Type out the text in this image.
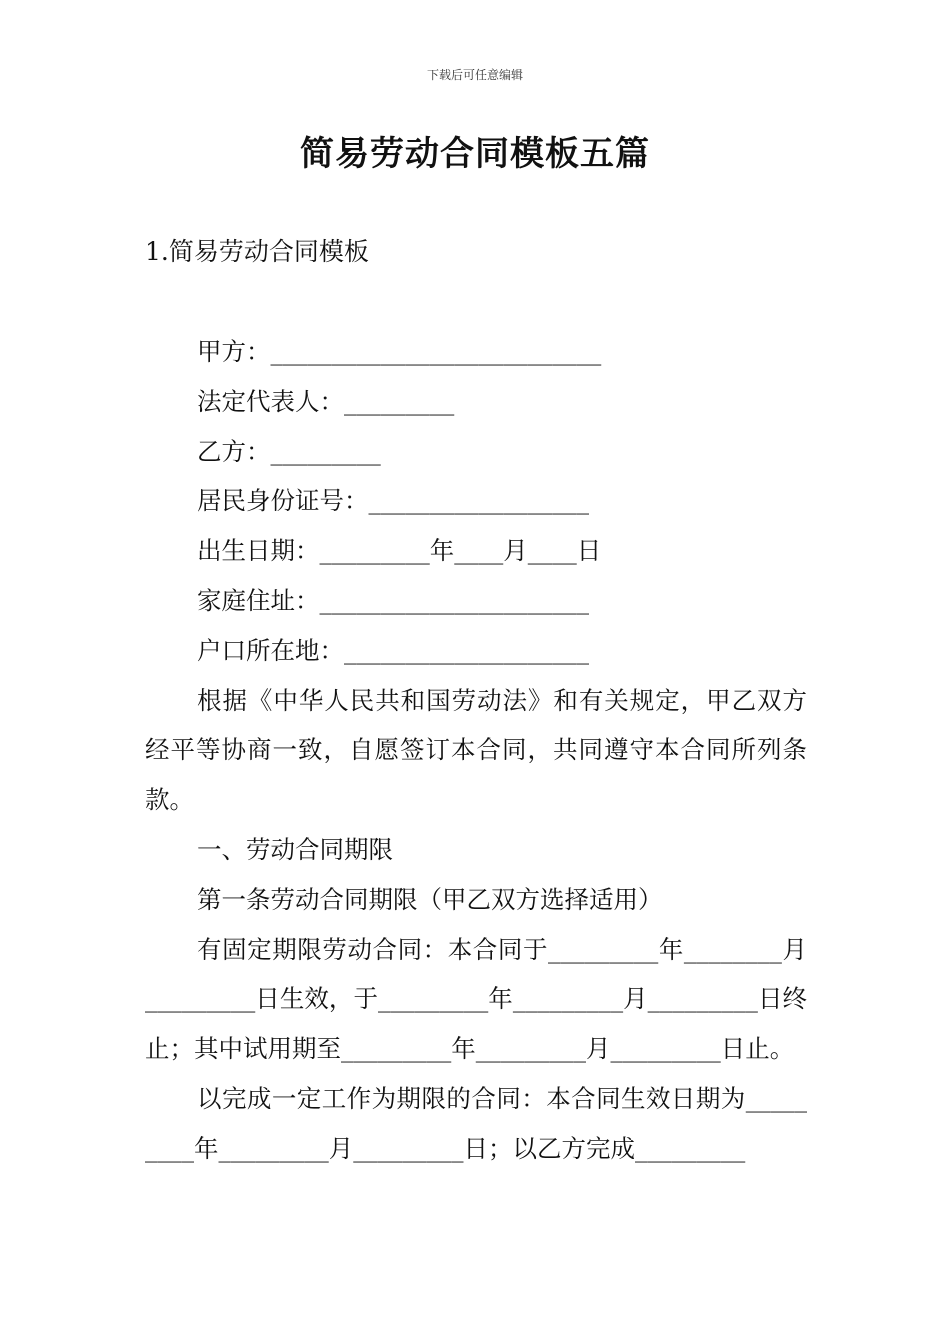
下载后可任意编辑
简易劳动合同模板五篇
1.简易劳动合同模板

甲方：___________________________

法定代表人：_________

乙方：_________

居民身份证号：__________________

出生日期：_________年____月____日

家庭住址：______________________

户口所在地：____________________

根据《中华人民共和国劳动法》和有关规定，甲乙双方经平等协商一致，自愿签订本合同，共同遵守本合同所列条款。

一、劳动合同期限

第一条劳动合同期限（甲乙双方选择适用）

有固定期限劳动合同：本合同于_________年________月_________日生效，于_________年_________月_________日终止；其中试用期至_________年_________月_________日止。

以完成一定工作为期限的合同：本合同生效日期为_________年_________月_________日；以乙方完成_________
